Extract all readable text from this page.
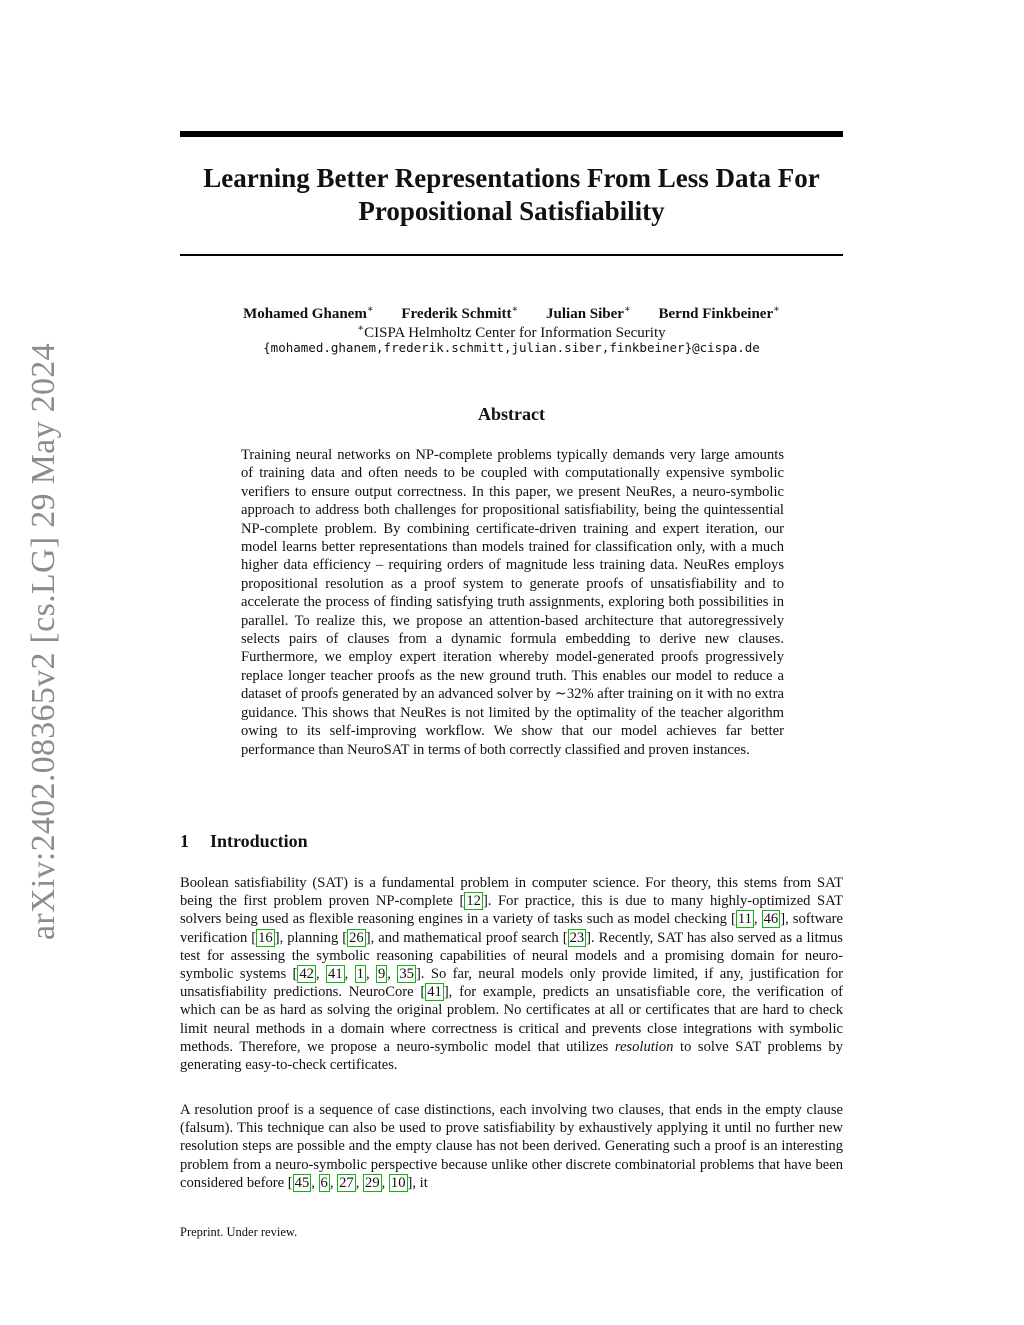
arXiv:2402.08365v2 [cs.LG] 29 May 2024
Learning Better Representations From Less Data For
Propositional Satisfiability
Mohamed Ghanem∗ Frederik Schmitt∗ Julian Siber∗ Bernd Finkbeiner∗
∗CISPA Helmholtz Center for Information Security
{mohamed.ghanem,frederik.schmitt,julian.siber,finkbeiner}@cispa.de
Abstract
Training neural networks on NP-complete problems typically demands very large amounts of training data and often needs to be coupled with computationally expensive symbolic verifiers to ensure output correctness. In this paper, we present NeuRes, a neuro-symbolic approach to address both challenges for propositional satisfiability, being the quintessential NP-complete problem. By combining certificate-driven training and expert iteration, our model learns better representations than models trained for classification only, with a much higher data efficiency – requiring orders of magnitude less training data. NeuRes employs propositional resolution as a proof system to generate proofs of unsatisfiability and to accelerate the process of finding satisfying truth assignments, exploring both possibilities in parallel. To realize this, we propose an attention-based architecture that autoregressively selects pairs of clauses from a dynamic formula embedding to derive new clauses. Furthermore, we employ expert iteration whereby model-generated proofs progressively replace longer teacher proofs as the new ground truth. This enables our model to reduce a dataset of proofs generated by an advanced solver by ∼32% after training on it with no extra guidance. This shows that NeuRes is not limited by the optimality of the teacher algorithm owing to its self-improving workflow. We show that our model achieves far better performance than NeuroSAT in terms of both correctly classified and proven instances.
1 Introduction
Boolean satisfiability (SAT) is a fundamental problem in computer science. For theory, this stems from SAT being the first problem proven NP-complete [ 12 ]. For practice, this is due to many highly-optimized SAT solvers being used as flexible reasoning engines in a variety of tasks such as model checking [ 11 , 46 ], software verification [ 16 ], planning [ 26 ], and mathematical proof search [ 23 ]. Recently, SAT has also served as a litmus test for assessing the symbolic reasoning capabilities of neural models and a promising domain for neuro-symbolic systems [ 42 , 41 , 1 , 9 , 35 ]. So far, neural models only provide limited, if any, justification for unsatisfiability predictions. NeuroCore [ 41 ], for example, predicts an unsatisfiable core, the verification of which can be as hard as solving the original problem. No certificates at all or certificates that are hard to check limit neural methods in a domain where correctness is critical and prevents close integrations with symbolic methods. Therefore, we propose a neuro-symbolic model that utilizes resolution to solve SAT problems by generating easy-to-check certificates.
A resolution proof is a sequence of case distinctions, each involving two clauses, that ends in the empty clause (falsum). This technique can also be used to prove satisfiability by exhaustively applying it until no further new resolution steps are possible and the empty clause has not been derived. Generating such a proof is an interesting problem from a neuro-symbolic perspective because unlike other discrete combinatorial problems that have been considered before [ 45 , 6 , 27 , 29 , 10 ], it
Preprint. Under review.
